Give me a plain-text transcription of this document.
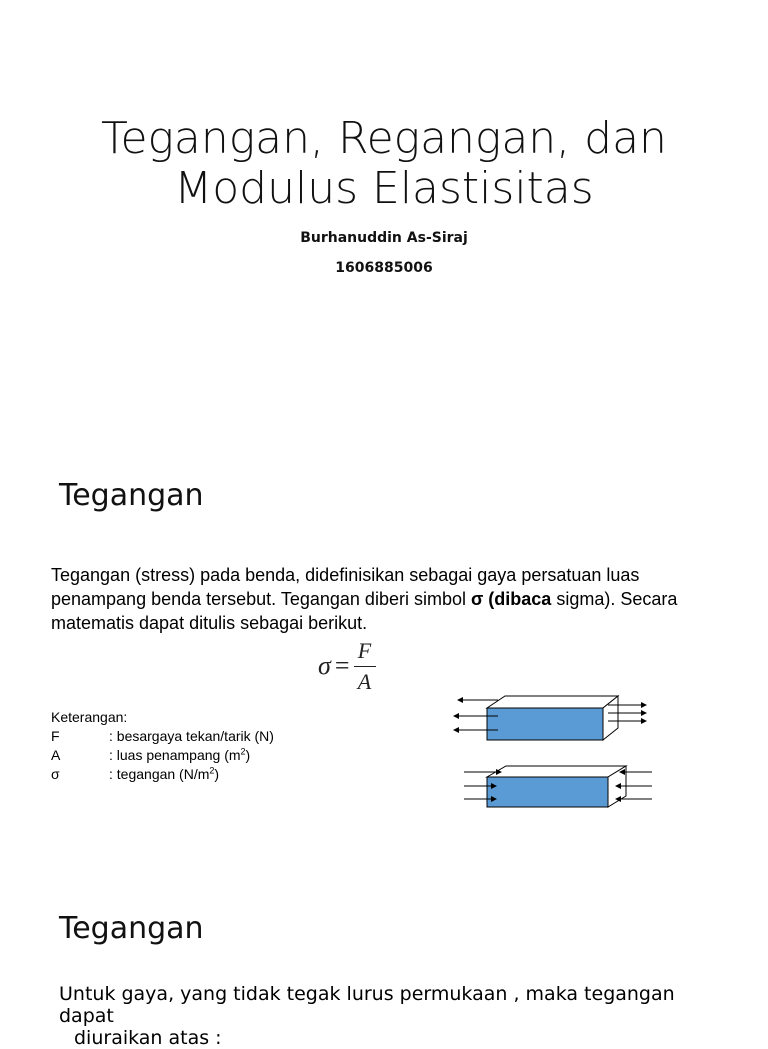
Tegangan, Regangan, dan
Modulus Elastisitas
Burhanuddin As-Siraj
1606885006
Tegangan
Tegangan (stress) pada benda, didefinisikan sebagai gaya persatuan luas penampang benda tersebut. Tegangan diberi simbol σ (dibaca sigma). Secara matematis dapat ditulis sebagai berikut.
$\sigma = \frac{F}{A}$
Keterangan:
F	: besargaya tekan/tarik (N)
A	: luas penampang $(m^2)$
σ	: tegangan $(N/m^2)$
Tegangan
Untuk gaya, yang tidak tegak lurus permukaan , maka tegangan dapat
diuraikan atas :
